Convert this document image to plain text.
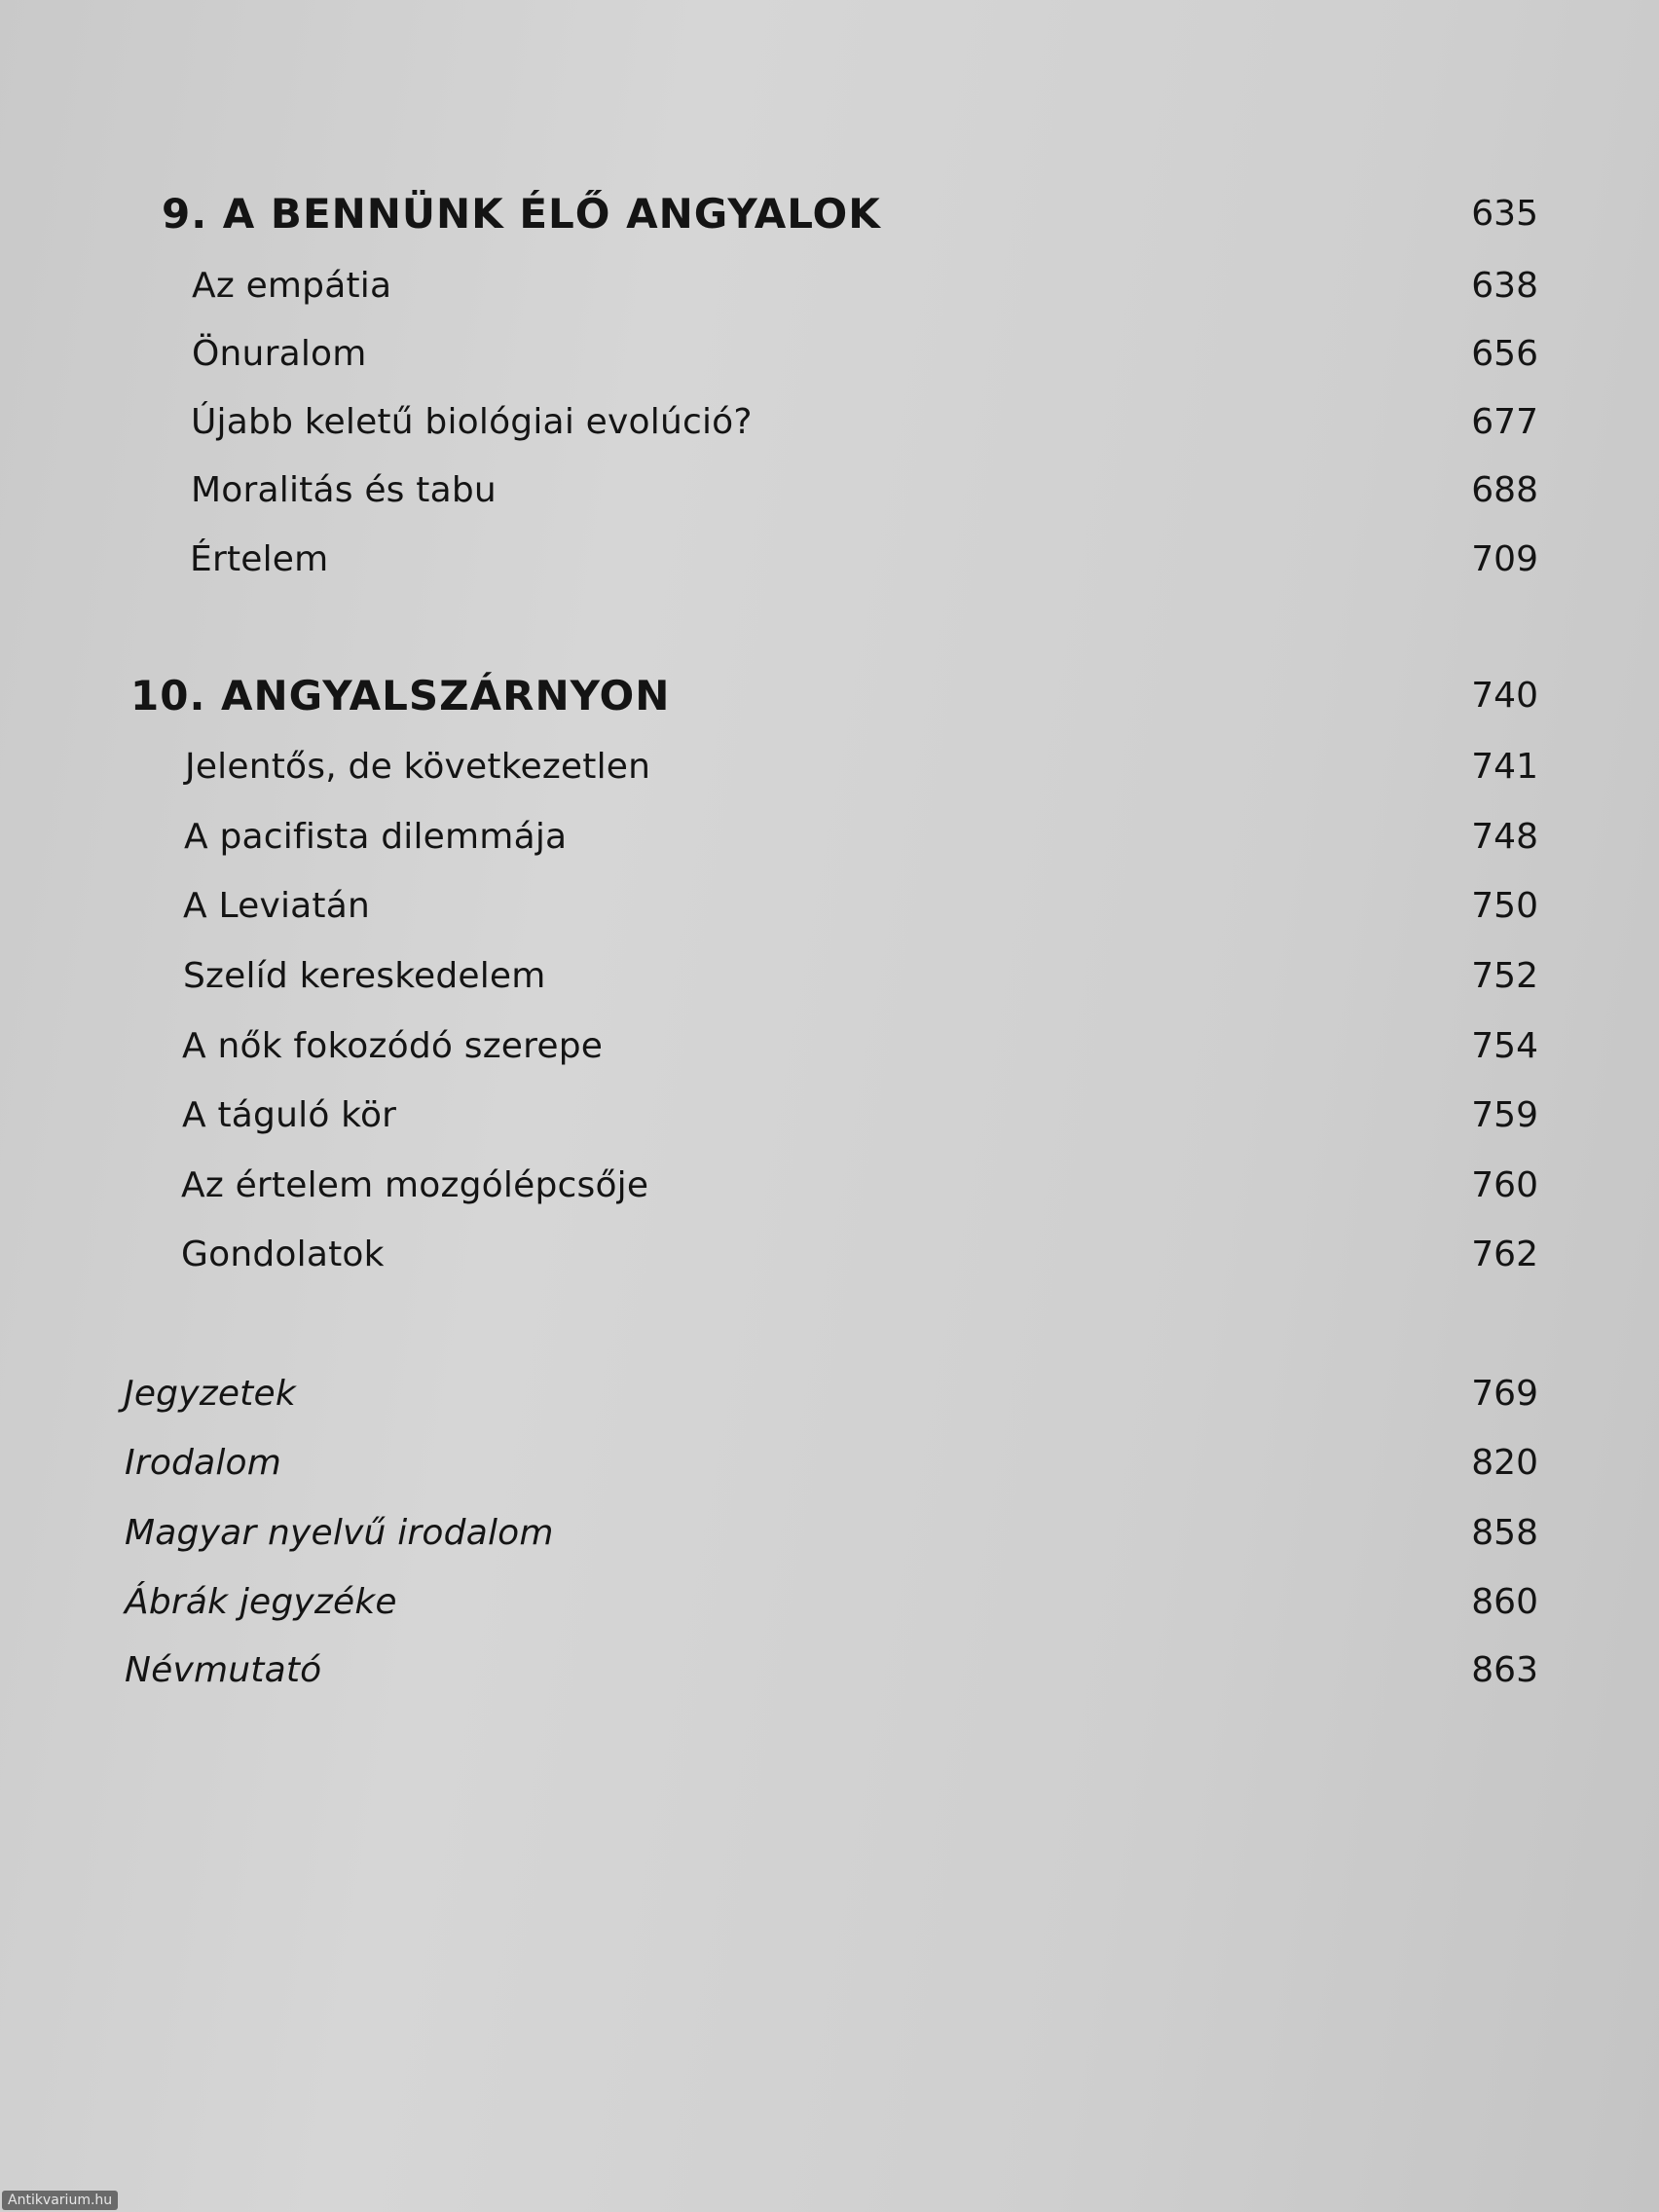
9. A BENNÜNK ÉLŐ ANGYALOK	635
Az empátia	638
Önuralom	656
Újabb keletű biológiai evolúció?	677
Moralitás és tabu	688
Értelem	709
10. ANGYALSZÁRNYON	740
Jelentős, de következetlen	741
A pacifista dilemmája	748
A Leviatán	750
Szelíd kereskedelem	752
A nők fokozódó szerepe	754
A táguló kör	759
Az értelem mozgólépcsője	760
Gondolatok	762
Jegyzetek	769
Irodalom	820
Magyar nyelvű irodalom	858
Ábrák jegyzéke	860
Névmutató	863
Antikvarium.hu
